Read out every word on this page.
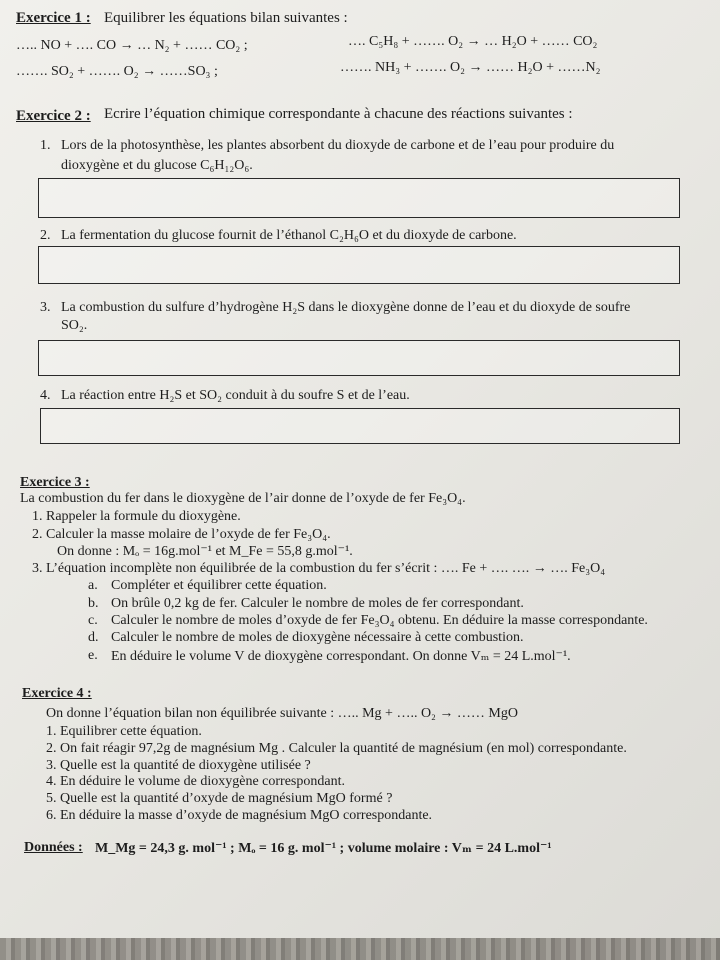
Exercice 1 : Equilibrer les équations bilan suivantes :
….. NO + …. CO → … N₂ + …… CO₂ ;	…. C₅H₈ + ……. O₂ → … H₂O + …… CO₂
……. SO₂ + ……. O₂ → ……SO₃ ;	……. NH₃ + ……. O₂ → …… H₂O + ……N₂
Exercice 2 : Ecrire l’équation chimique correspondante à chacune des réactions suivantes :
1. Lors de la photosynthèse, les plantes absorbent du dioxyde de carbone et de l’eau pour produire du
dioxygène et du glucose C₆H₁₂O₆.
2. La fermentation du glucose fournit de l’éthanol C₂H₆O et du dioxyde de carbone.
3. La combustion du sulfure d’hydrogène H₂S dans le dioxygène donne de l’eau et du dioxyde de soufre
SO₂.
4. La réaction entre H₂S et SO₂ conduit à du soufre S et de l’eau.
Exercice 3 :
La combustion du fer dans le dioxygène de l’air donne de l’oxyde de fer Fe₃O₄.
1. Rappeler la formule du dioxygène.
2. Calculer la masse molaire de l’oxyde de fer Fe₃O₄.
On donne : Mₒ = 16g.mol⁻¹ et M_Fe = 55,8 g.mol⁻¹.
3. L’équation incomplète non équilibrée de la combustion du fer s’écrit : …. Fe + …. …. → …. Fe₃O₄
a. Compléter et équilibrer cette équation.
b. On brûle 0,2 kg de fer. Calculer le nombre de moles de fer correspondant.
c. Calculer le nombre de moles d’oxyde de fer Fe₃O₄ obtenu. En déduire la masse correspondante.
d. Calculer le nombre de moles de dioxygène nécessaire à cette combustion.
e. En déduire le volume V de dioxygène correspondant. On donne Vₘ = 24 L.mol⁻¹.
Exercice 4 :
On donne l’équation bilan non équilibrée suivante : ….. Mg + ….. O₂ → …… MgO
1. Equilibrer cette équation.
2. On fait réagir 97,2g de magnésium Mg . Calculer la quantité de magnésium (en mol) correspondante.
3. Quelle est la quantité de dioxygène utilisée ?
4. En déduire le volume de dioxygène correspondant.
5. Quelle est la quantité d’oxyde de magnésium MgO formé ?
6. En déduire la masse d’oxyde de magnésium MgO correspondante.
Données : M_Mg = 24,3 g. mol⁻¹ ; Mₒ = 16 g. mol⁻¹ ; volume molaire : Vₘ = 24 L.mol⁻¹
